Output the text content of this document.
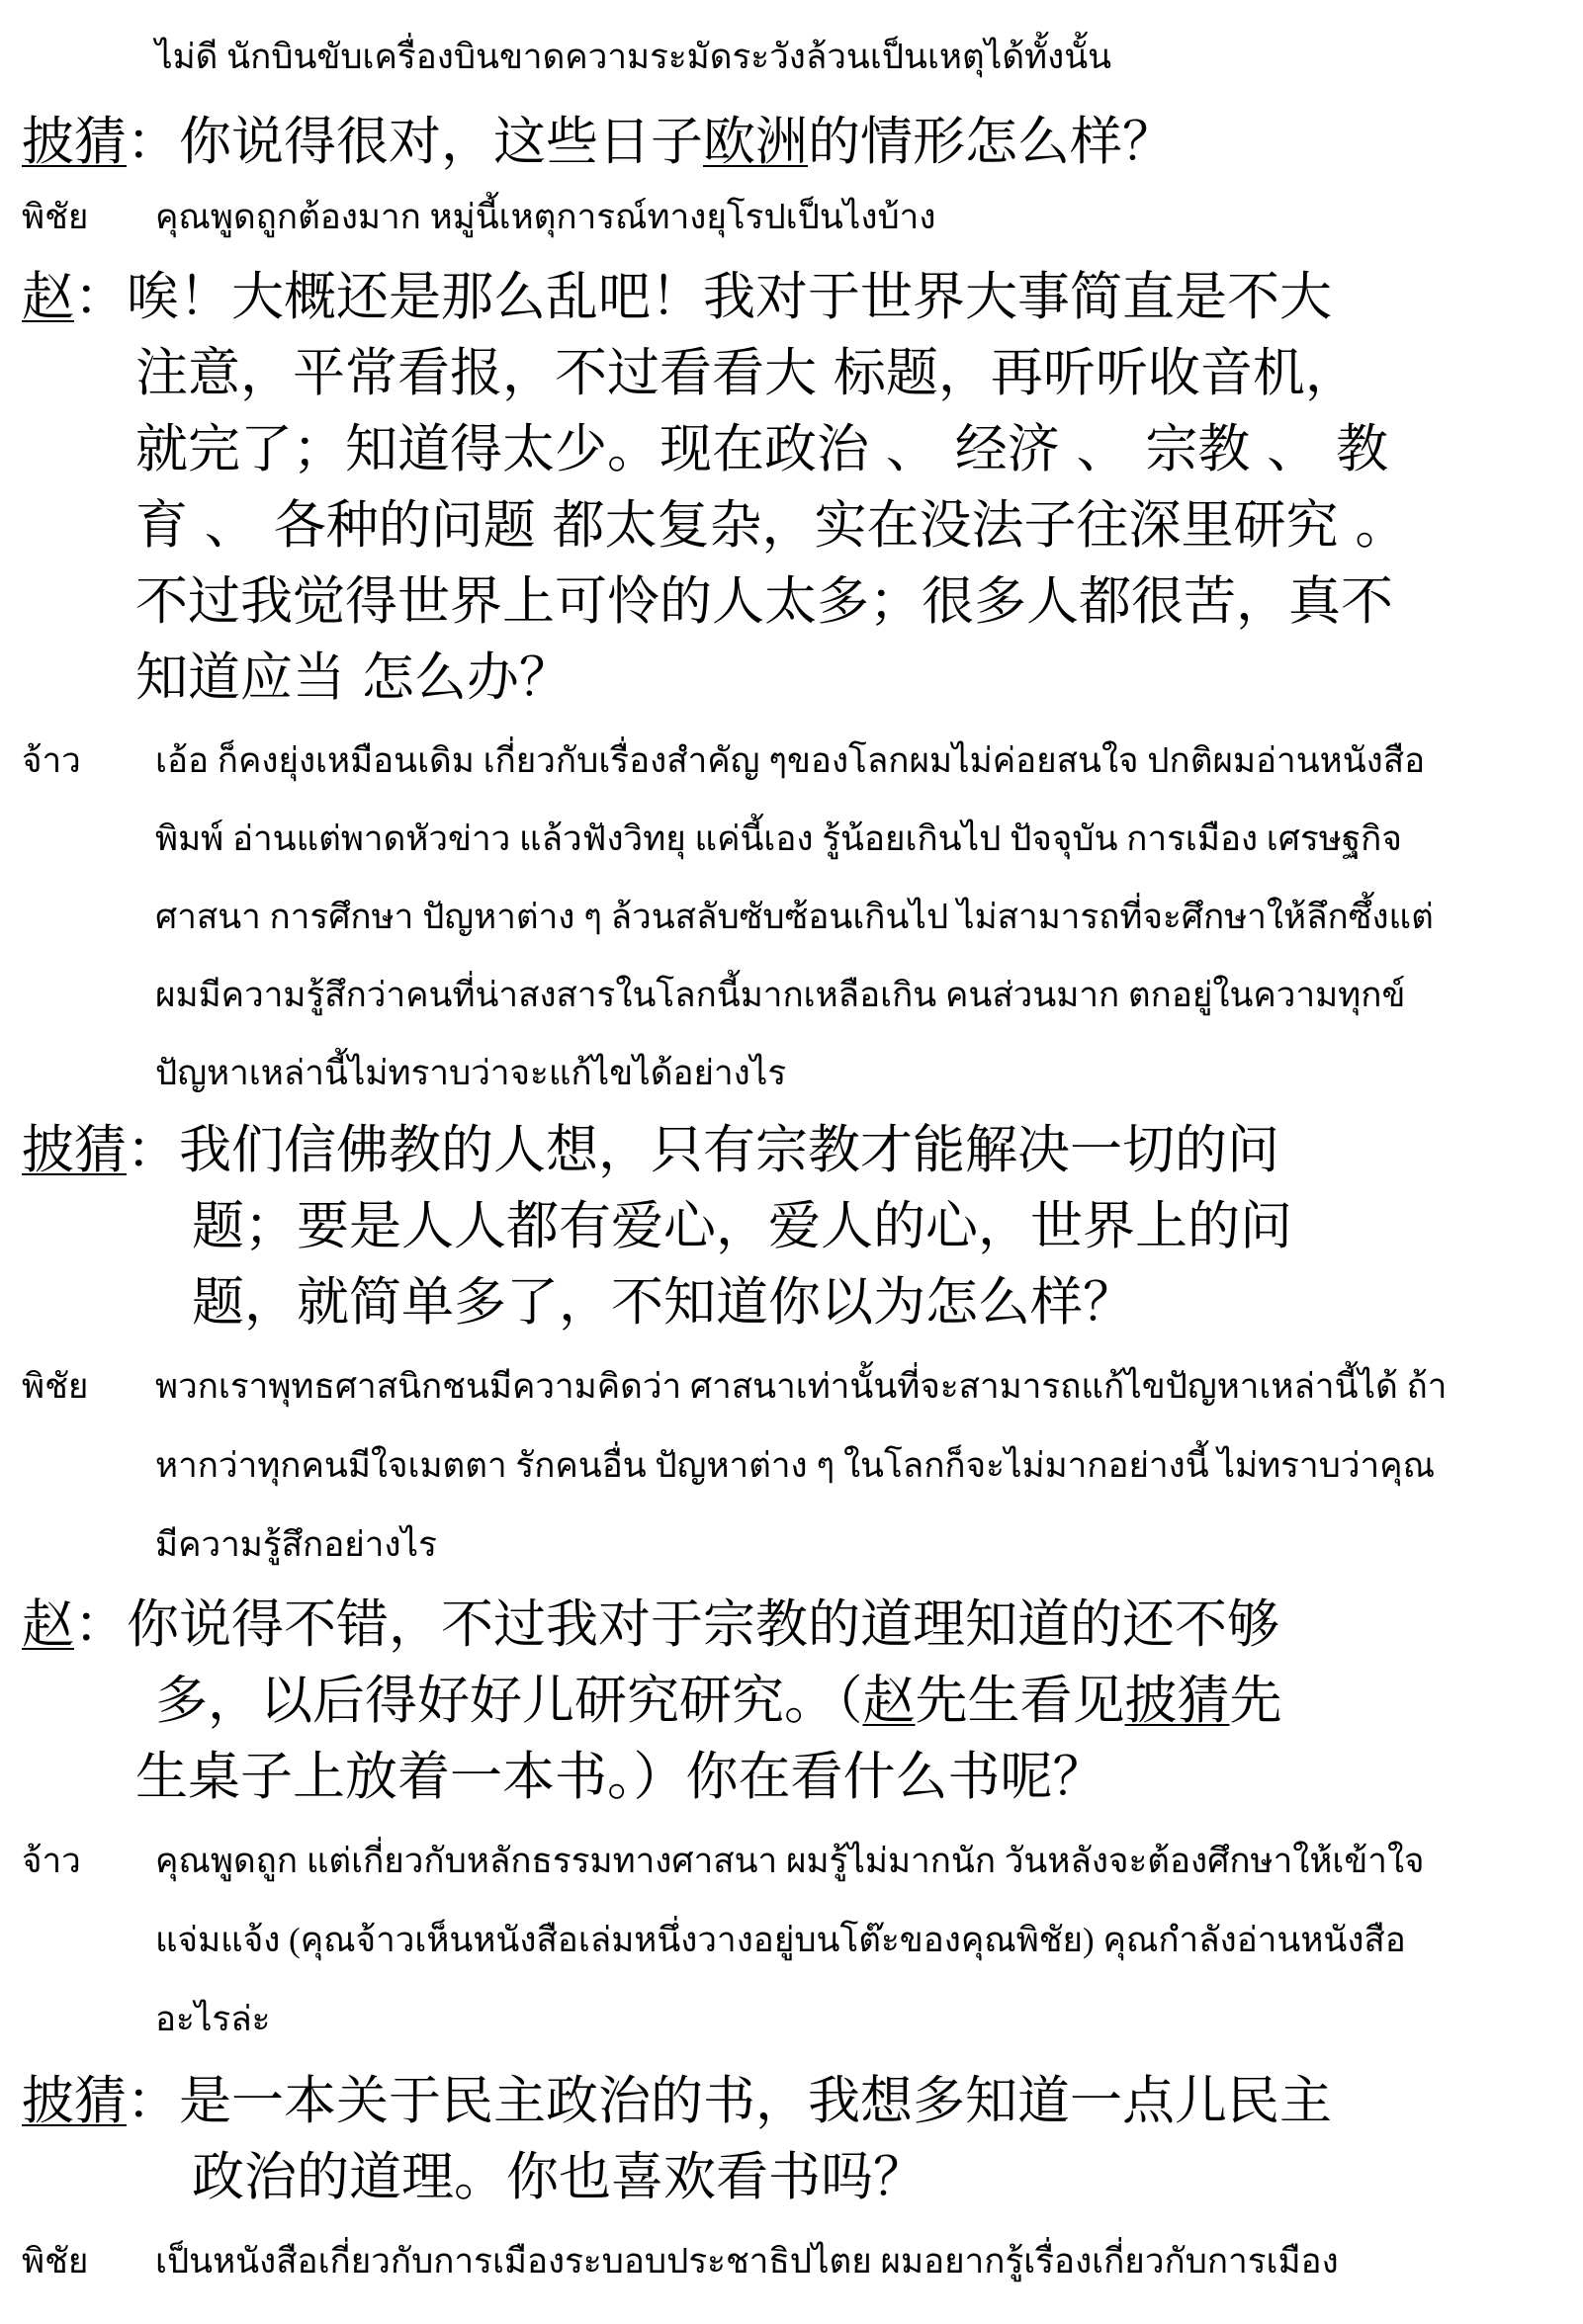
ไม่ดี นักบินขับเครื่องบินขาดความระมัดระวังล้วนเป็นเหตุได้ทั้งนั้น
披猜：你说得很对，这些日子欧洲的情形怎么样？
พิชัย คุณพูดถูกต้องมาก หมู่นี้เหตุการณ์ทางยุโรปเป็นไงบ้าง
赵：唉！大概还是那么乱吧！我对于世界大事简直是不大
注意，平常看报，不过看看大 标题，再听听收音机，
就完了；知道得太少。现在政治 、 经济 、 宗教 、 教
育 、 各种的问题 都太复杂，实在没法子往深里研究 。
不过我觉得世界上可怜的人太多；很多人都很苦，真不
知道应当 怎么办？
จ้าว เอ้อ ก็คงยุ่งเหมือนเดิม เกี่ยวกับเรื่องสำคัญ ๆของโลกผมไม่ค่อยสนใจ ปกติผมอ่านหนังสือ
พิมพ์ อ่านแต่พาดหัวข่าว แล้วฟังวิทยุ แค่นี้เอง รู้น้อยเกินไป ปัจจุบัน การเมือง เศรษฐกิจ
ศาสนา การศึกษา ปัญหาต่าง ๆ ล้วนสลับซับซ้อนเกินไป ไม่สามารถที่จะศึกษาให้ลึกซึ้งแต่
ผมมีความรู้สึกว่าคนที่น่าสงสารในโลกนี้มากเหลือเกิน คนส่วนมาก ตกอยู่ในความทุกข์
ปัญหาเหล่านี้ไม่ทราบว่าจะแก้ไขได้อย่างไร
披猜：我们信佛教的人想，只有宗教才能解决一切的问
题；要是人人都有爱心，爱人的心，世界上的问
题，就简单多了，不知道你以为怎么样？
พิชัย พวกเราพุทธศาสนิกชนมีความคิดว่า ศาสนาเท่านั้นที่จะสามารถแก้ไขปัญหาเหล่านี้ได้ ถ้า
หากว่าทุกคนมีใจเมตตา รักคนอื่น ปัญหาต่าง ๆ ในโลกก็จะไม่มากอย่างนี้ ไม่ทราบว่าคุณ
มีความรู้สึกอย่างไร
赵：你说得不错，不过我对于宗教的道理知道的还不够
多，以后得好好儿研究研究。（赵先生看见披猜先
生桌子上放着一本书。）你在看什么书呢？
จ้าว คุณพูดถูก แต่เกี่ยวกับหลักธรรมทางศาสนา ผมรู้ไม่มากนัก วันหลังจะต้องศึกษาให้เข้าใจ
แจ่มแจ้ง (คุณจ้าวเห็นหนังสือเล่มหนึ่งวางอยู่บนโต๊ะของคุณพิชัย) คุณกำลังอ่านหนังสือ
อะไรล่ะ
披猜：是一本关于民主政治的书，我想多知道一点儿民主
政治的道理。你也喜欢看书吗？
พิชัย เป็นหนังสือเกี่ยวกับการเมืองระบอบประชาธิปไตย ผมอยากรู้เรื่องเกี่ยวกับการเมือง
